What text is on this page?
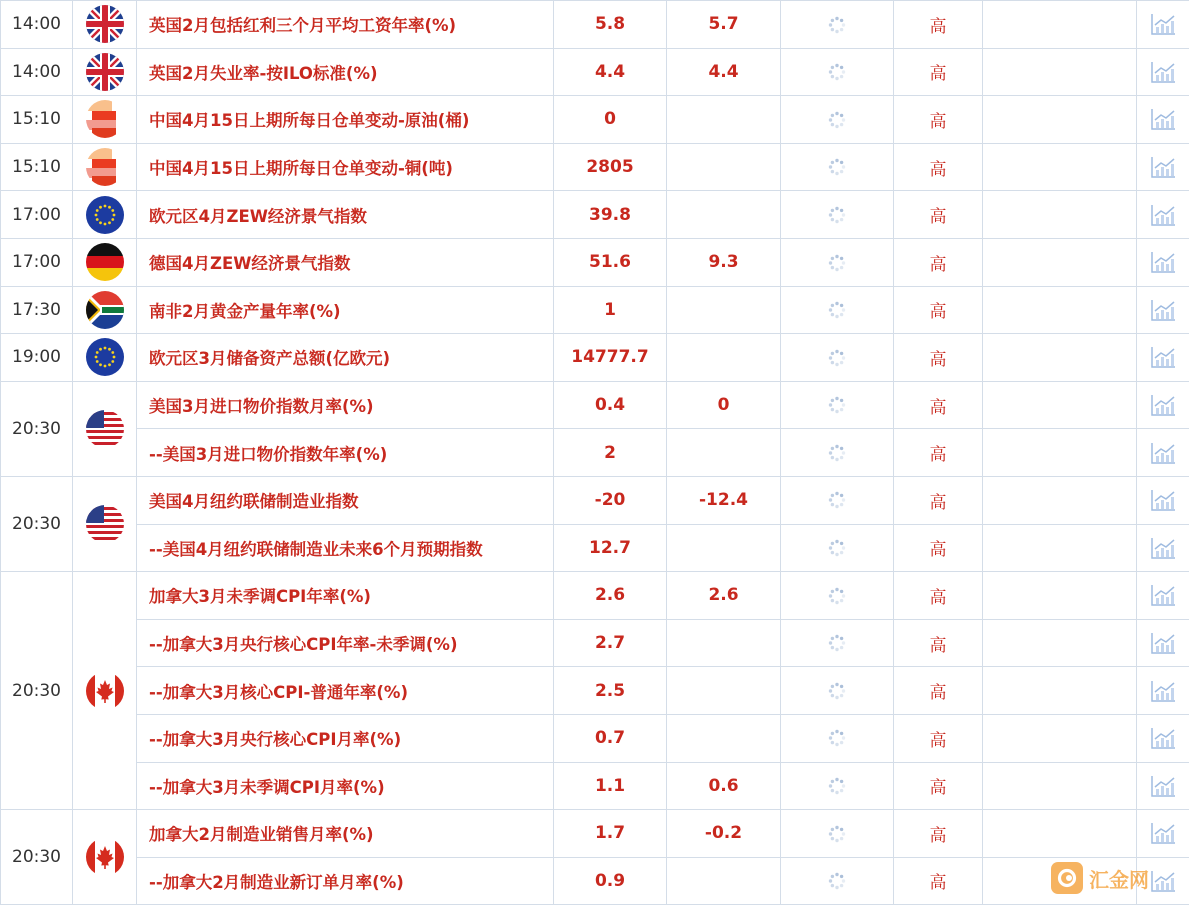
14:00		英国2月包括红利三个月平均工资年率(%)	5.8	5.7		高		
14:00		英国2月失业率-按ILO标准(%)	4.4	4.4		高		
15:10		中国4月15日上期所每日仓单变动-原油(桶)	0			高		
15:10		中国4月15日上期所每日仓单变动-铜(吨)	2805			高		
17:00		欧元区4月ZEW经济景气指数	39.8			高		
17:00		德国4月ZEW经济景气指数	51.6	9.3		高		
17:30		南非2月黄金产量年率(%)	1			高		
19:00		欧元区3月储备资产总额(亿欧元)	14777.7			高		
20:30		美国3月进口物价指数月率(%)	0.4	0		高		
		--美国3月进口物价指数年率(%)	2			高		
20:30		美国4月纽约联储制造业指数	-20	-12.4		高		
		--美国4月纽约联储制造业未来6个月预期指数	12.7			高		
20:30		加拿大3月未季调CPI年率(%)	2.6	2.6		高		
		--加拿大3月央行核心CPI年率-未季调(%)	2.7			高		
		--加拿大3月核心CPI-普通年率(%)	2.5			高		
		--加拿大3月央行核心CPI月率(%)	0.7			高		
		--加拿大3月未季调CPI月率(%)	1.1	0.6		高		
20:30		加拿大2月制造业销售月率(%)	1.7	-0.2		高		
		--加拿大2月制造业新订单月率(%)	0.9			高			汇金网
